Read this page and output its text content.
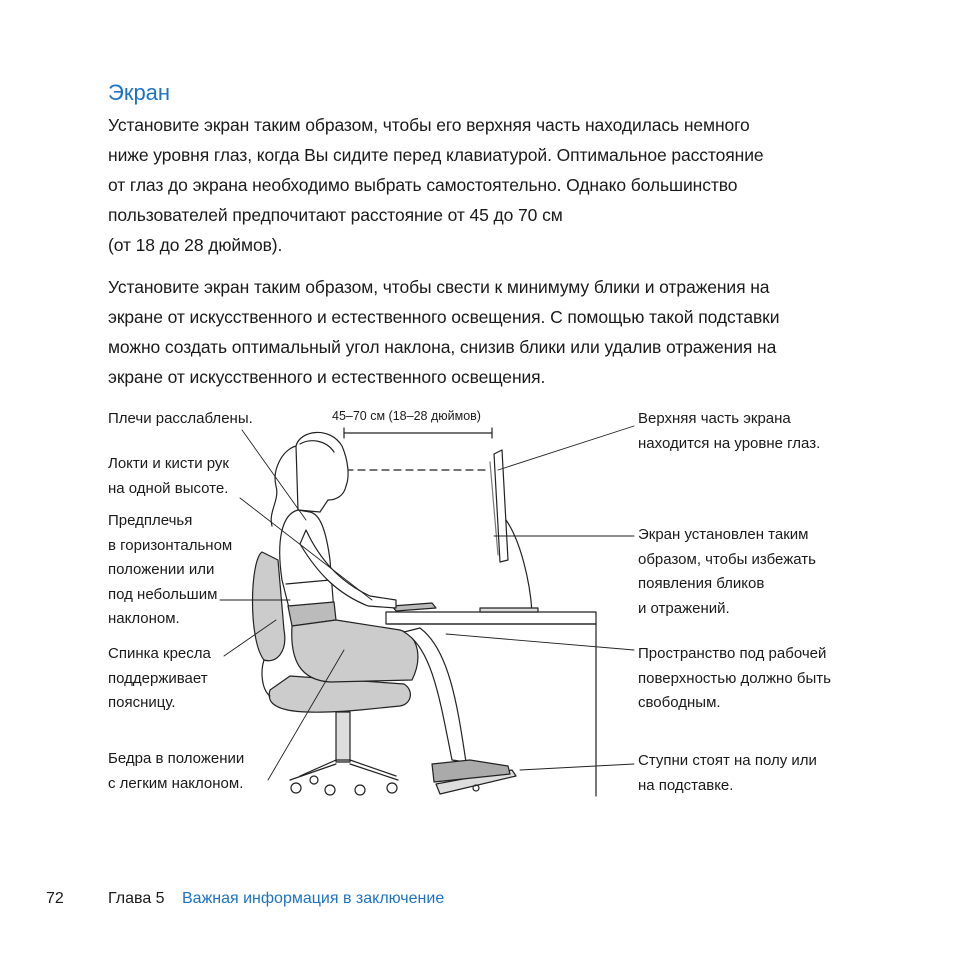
Экран

Установите экран таким образом, чтобы его верхняя часть находилась немного
ниже уровня глаз, когда Вы сидите перед клавиатурой. Оптимальное расстояние
от глаз до экрана необходимо выбрать самостоятельно. Однако большинство
пользователей предпочитают расстояние от 45 до 70 см
(от 18 до 28 дюймов).

Установите экран таким образом, чтобы свести к минимуму блики и отражения на
экране от искусственного и естественного освещения. С помощью такой подставки
можно создать оптимальный угол наклона, снизив блики или удалив отражения на
экране от искусственного и естественного освещения.

45–70 см (18–28 дюймов)
Плечи расслаблены.
Локти и кисти рук
на одной высоте.
Предплечья
в горизонтальном
положении или
под небольшим
наклоном.
Спинка кресла
поддерживает
поясницу.
Бедра в положении
с легким наклоном.
Верхняя часть экрана
находится на уровне глаз.
Экран установлен таким
образом, чтобы избежать
появления бликов
и отражений.
Пространство под рабочей
поверхностью должно быть
свободным.
Ступни стоят на полу или
на подставке.
72	Глава 5 Важная информация в заключение
